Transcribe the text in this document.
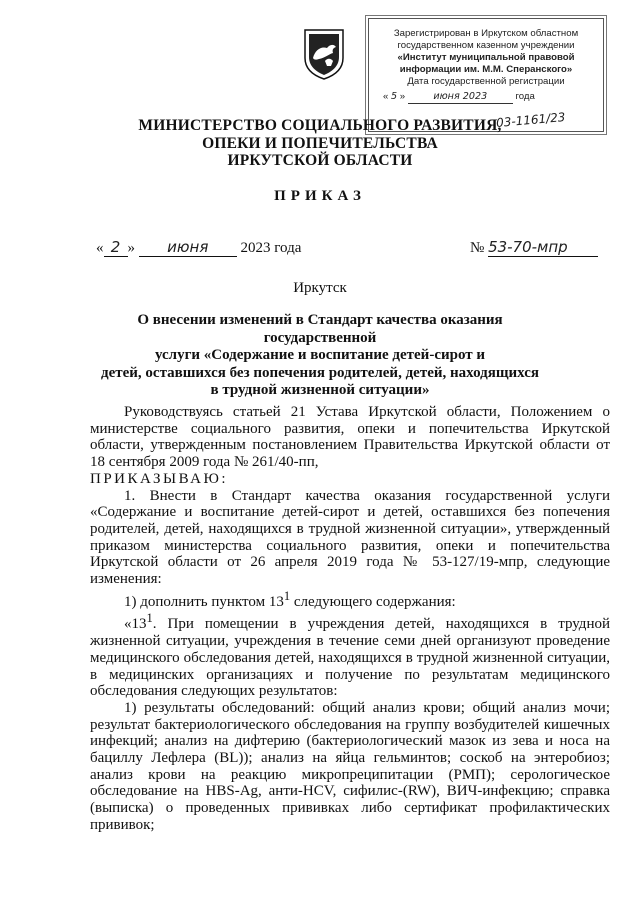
Зарегистрирован в Иркутском областном
государственном казенном учреждении
«Институт муниципальной правовой
информации им. М.М. Сперанского»
Дата государственной регистрации
« 5 »	июня 2023	года
03-1161/23
МИНИСТЕРСТВО СОЦИАЛЬНОГО РАЗВИТИЯ,
ОПЕКИ И ПОПЕЧИТЕЛЬСТВА
ИРКУТСКОЙ ОБЛАСТИ
ПРИКАЗ
« 2 » июня 2023 года	№ 53-70-мпр
Иркутск
О внесении изменений в Стандарт качества оказания государственной
услуги «Содержание и воспитание детей-сирот и
детей, оставшихся без попечения родителей, детей, находящихся
в трудной жизненной ситуации»

Руководствуясь статьей 21 Устава Иркутской области, Положением о министерстве социального развития, опеки и попечительства Иркутской области, утвержденным постановлением Правительства Иркутской области от 18 сентября 2009 года № 261/40-пп,

ПРИКАЗЫВАЮ:

1. Внести в Стандарт качества оказания государственной услуги «Содержание и воспитание детей-сирот и детей, оставшихся без попечения родителей, детей, находящихся в трудной жизненной ситуации», утвержденный приказом министерства социального развития, опеки и попечительства Иркутской области от 26 апреля 2019 года № 53-127/19-мпр, следующие изменения:

1) дополнить пунктом $13^1$ следующего содержания:

«$13^1$. При помещении в учреждения детей, находящихся в трудной жизненной ситуации, учреждения в течение семи дней организуют проведение медицинского обследования детей, находящихся в трудной жизненной ситуации, в медицинских организациях и получение по результатам медицинского обследования следующих результатов:

1) результаты обследований: общий анализ крови; общий анализ мочи; результат бактериологического обследования на группу возбудителей кишечных инфекций; анализ на дифтерию (бактериологический мазок из зева и носа на бациллу Лефлера (BL)); анализ на яйца гельминтов; соскоб на энтеробиоз; анализ крови на реакцию микропреципитации (РМП); серологическое обследование на HBS-Ag, анти-HCV, сифилис-(RW), ВИЧ-инфекцию; справка (выписка) о проведенных прививках либо сертификат профилактических прививок;
